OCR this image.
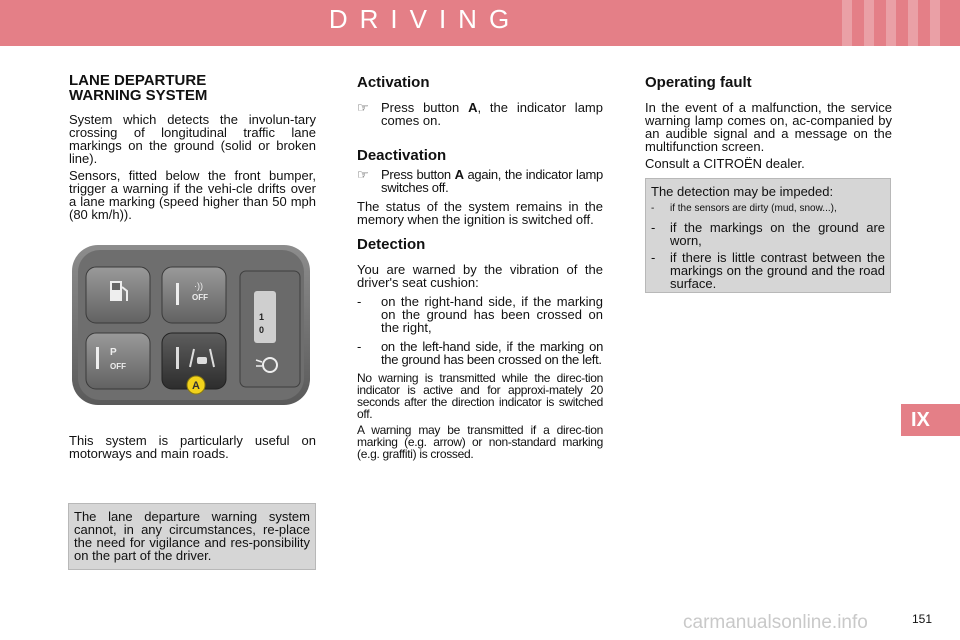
DRIVING
LANE DEPARTURE WARNING SYSTEM

System which detects the involun-tary crossing of longitudinal traffic lane markings on the ground (solid or broken line).

Sensors, fitted below the front bumper, trigger a warning if the vehi-cle drifts over a lane marking (speed higher than 50 mph (80 km/h)).

OFF
·))
P
OFF
1
0
A

This system is particularly useful on motorways and main roads.

The lane departure warning system cannot, in any circumstances, re-place the need for vigilance and res-ponsibility on the part of the driver.

Activation
☞ Press button A, the indicator lamp comes on.
Deactivation
☞ Press button A again, the indicator lamp switches off.

The status of the system remains in the memory when the ignition is switched off.

Detection

You are warned by the vibration of the driver's seat cushion:

- on the right-hand side, if the marking on the ground has been crossed on the right,
- on the left-hand side, if the marking on the ground has been crossed on the left.

No warning is transmitted while the direc-tion indicator is active and for approxi-mately 20 seconds after the direction indicator is switched off.

A warning may be transmitted if a direc-tion marking (e.g. arrow) or non-standard marking (e.g. graffiti) is crossed.

Operating fault

In the event of a malfunction, the service warning lamp comes on, ac-companied by an audible signal and a message on the multifunction screen.

Consult a CITROËN dealer.

The detection may be impeded:

- if the sensors are dirty (mud, snow...),
- if the markings on the ground are worn,
- if there is little contrast between the markings on the ground and the road surface.
IX
carmanualsonline.info	151
